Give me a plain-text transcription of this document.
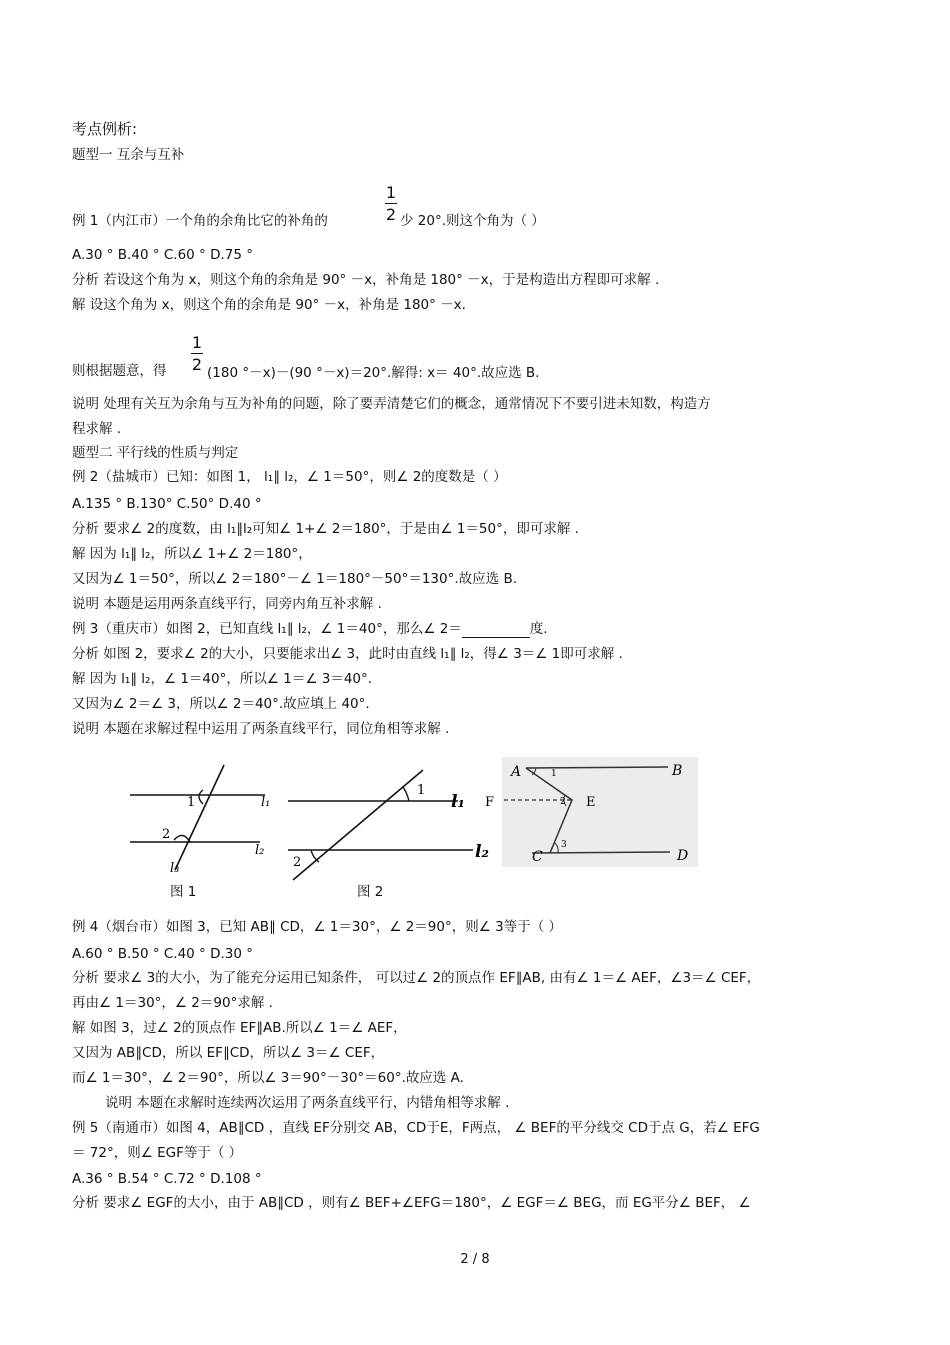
考点例析:
题型一 互余与互补
1
2
例 1（内江市）一个角的余角比它的补角的	少 20°.则这个角为（ ）
A.30 ° B.40 ° C.60 ° D.75 °
分析 若设这个角为 x，则这个角的余角是 90° －x，补角是 180° －x，于是构造出方程即可求解 .
解 设这个角为 x，则这个角的余角是 90° －x，补角是 180° －x.
1
2
则根据题意，得	(180 °－x)－(90 °－x)＝20°.解得: x＝ 40°.故应选 B.
说明 处理有关互为余角与互为补角的问题，除了要弄清楚它们的概念，通常情况下不要引进未知数，构造方
程求解 .
题型二 平行线的性质与判定
例 2（盐城市）已知：如图 1， l₁∥ l₂，∠ 1＝50°，则∠ 2的度数是（ ）
A.135 ° B.130° C.50° D.40 °
分析 要求∠ 2的度数，由 l₁∥l₂可知∠ 1+∠ 2＝180°，于是由∠ 1＝50°，即可求解 .
解 因为 l₁∥ l₂，所以∠ 1+∠ 2＝180°，
又因为∠ 1＝50°，所以∠ 2＝180°－∠ 1＝180°－50°＝130°.故应选 B.
说明 本题是运用两条直线平行，同旁内角互补求解 .
例 3（重庆市）如图 2，已知直线 l₁∥ l₂，∠ 1＝40°，那么∠ 2＝	度.
分析 如图 2，要求∠ 2的大小，只要能求出∠ 3，此时由直线 l₁∥ l₂，得∠ 3＝∠ 1即可求解 .
解 因为 l₁∥ l₂，∠ 1＝40°，所以∠ 1＝∠ 3＝40°.
又因为∠ 2＝∠ 3，所以∠ 2＝40°.故应填上 40°.
说明 本题在求解过程中运用了两条直线平行，同位角相等求解 .
1
2
l₁
l₂
l₃
图 1
1
2
l₁
l₂
图 2
A	B
F	E
C	D
1
2
3
例 4（烟台市）如图 3，已知 AB∥ CD，∠ 1＝30°，∠ 2＝90°，则∠ 3等于（ ）
A.60 ° B.50 ° C.40 ° D.30 °
分析 要求∠ 3的大小，为了能充分运用已知条件， 可以过∠ 2的顶点作 EF∥AB, 由有∠ 1＝∠ AEF，∠3＝∠ CEF，
再由∠ 1＝30°，∠ 2＝90°求解 .
解 如图 3，过∠ 2的顶点作 EF∥AB.所以∠ 1＝∠ AEF，
又因为 AB∥CD，所以 EF∥CD，所以∠ 3＝∠ CEF，
而∠ 1＝30°，∠ 2＝90°，所以∠ 3＝90°－30°＝60°.故应选 A.
说明 本题在求解时连续两次运用了两条直线平行，内错角相等求解 .
例 5（南通市）如图 4，AB∥CD ，直线 EF分别交 AB，CD于E，F两点， ∠ BEF的平分线交 CD于点 G，若∠ EFG
＝ 72°，则∠ EGF等于（ ）
A.36 ° B.54 ° C.72 ° D.108 °
分析 要求∠ EGF的大小，由于 AB∥CD ，则有∠ BEF+∠EFG＝180°，∠ EGF＝∠ BEG，而 EG平分∠ BEF， ∠
2 / 8
